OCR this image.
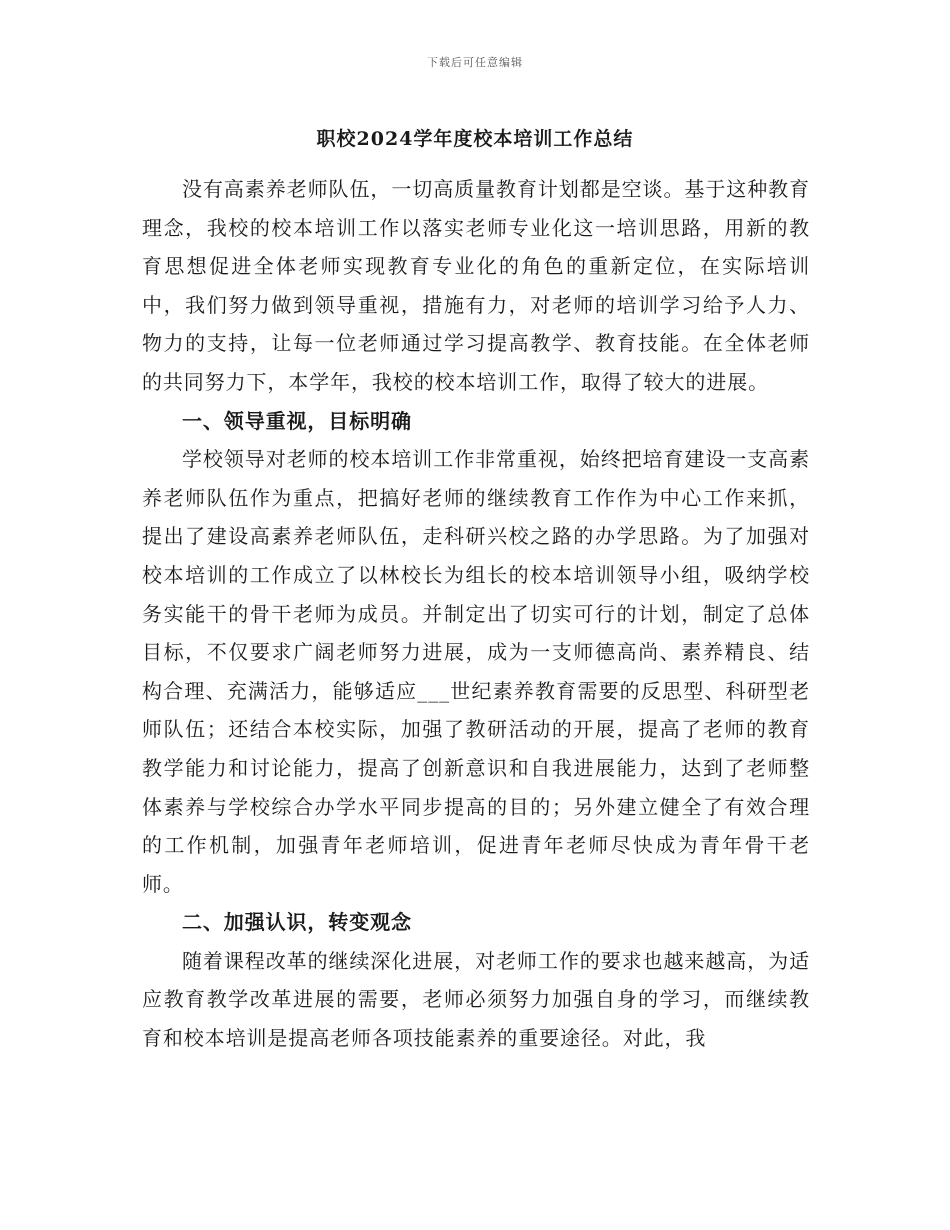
下载后可任意编辑
职校2024学年度校本培训工作总结

没有高素养老师队伍，一切高质量教育计划都是空谈。基于这种教育理念，我校的校本培训工作以落实老师专业化这一培训思路，用新的教育思想促进全体老师实现教育专业化的角色的重新定位，在实际培训中，我们努力做到领导重视，措施有力，对老师的培训学习给予人力、物力的支持，让每一位老师通过学习提高教学、教育技能。在全体老师的共同努力下，本学年，我校的校本培训工作，取得了较大的进展。

一、领导重视，目标明确

学校领导对老师的校本培训工作非常重视，始终把培育建设一支高素养老师队伍作为重点，把搞好老师的继续教育工作作为中心工作来抓，提出了建设高素养老师队伍，走科研兴校之路的办学思路。为了加强对校本培训的工作成立了以林校长为组长的校本培训领导小组，吸纳学校务实能干的骨干老师为成员。并制定出了切实可行的计划，制定了总体目标，不仅要求广阔老师努力进展，成为一支师德高尚、素养精良、结构合理、充满活力，能够适应___世纪素养教育需要的反思型、科研型老师队伍；还结合本校实际，加强了教研活动的开展，提高了老师的教育教学能力和讨论能力，提高了创新意识和自我进展能力，达到了老师整体素养与学校综合办学水平同步提高的目的；另外建立健全了有效合理的工作机制，加强青年老师培训，促进青年老师尽快成为青年骨干老师。

二、加强认识，转变观念

随着课程改革的继续深化进展，对老师工作的要求也越来越高，为适应教育教学改革进展的需要，老师必须努力加强自身的学习，而继续教育和校本培训是提高老师各项技能素养的重要途径。对此，我
